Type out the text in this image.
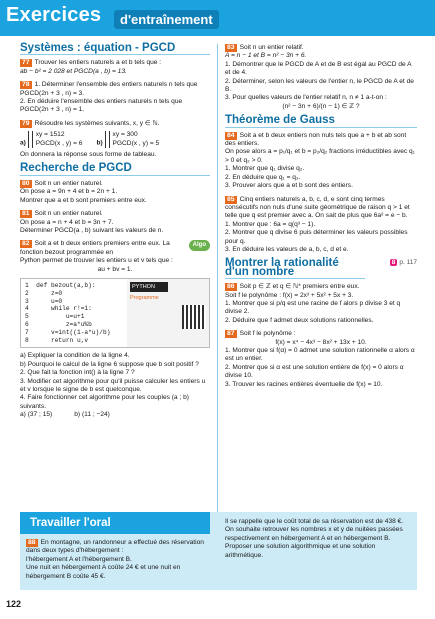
Exercices	d'entraînement
Systèmes : équation - PGCD

77 Trouver les entiers naturels a et b tels que :

ab − b² = 2 028 et PGCD(a , b) = 13.

78 1. Déterminer l'ensemble des entiers naturels n tels que PGCD(2n + 3 , n) = 3.

2. En déduire l'ensemble des entiers naturels n tels que PGCD(2n + 3 , n) = 1.

79 Résoudre les systèmes suivants, x, y ∈ ℕ.

a) xy = 1512
PGCD(x , y) = 6 b) xy = 300
PGCD(x , y) = 5

On donnera la réponse sous forme de tableau.

Recherche de PGCD

80 Soit n un entier naturel.

On pose a = 9n + 4 et b = 2n + 1.

Montrer que a et b sont premiers entre eux.

81 Soit n un entier naturel.

On pose a = n + 4 et b = 3n + 7.

Déterminer PGCD(a , b) suivant les valeurs de n.

82	Algo
Soit a et b deux entiers premiers entre eux. La fonction bezout programmée en

Python permet de trouver les entiers u et v tels que :

au + bv = 1.

1  def bezout(a,b):
2      z=0
3      u=0
4      while r!=1:
5          u=u+1
6          z=a*u%b
7      v=int((1-a*u)/b)
8      return u,v
PYTHON
Programme

a) Expliquer la condition de la ligne 4.

b) Pourquoi le calcul de la ligne 6 suppose que b soit positif ?

2. Que fait la fonction int() à la ligne 7 ?

3. Modifier cet algorithme pour qu'il puisse calculer les entiers u et v lorsque le signe de b est quelconque.

4. Faire fonctionner cet algorithme pour les couples (a ; b) suivants.

a) (37 ; 15)	b) (11 ; −24)

83 Soit n un entier relatif.

A = n − 1 et B = n² − 3n + 6.

1. Démontrer que le PGCD de A et de B est égal au PGCD de A et de 4.

2. Déterminer, selon les valeurs de l'entier n, le PGCD de A et de B.

3. Pour quelles valeurs de l'entier relatif n, n ≠ 1 a-t-on :

(n² − 3n + 6)/(n − 1) ∈ ℤ ?

Théorème de Gauss

84 Soit a et b deux entiers non nuls tels que a + b et ab sont des entiers.

On pose alors a = p₁/q₁ et b = p₂/q₂ fractions irréductibles avec q₁ > 0 et q₂ > 0.

1. Montrer que q₁ divise q₂.

2. En déduire que q₁ = q₂.

3. Prouver alors que a et b sont des entiers.

85 Cinq entiers naturels a, b, c, d, e sont cinq termes consécutifs non nuls d'une suite géométrique de raison q > 1 et telle que q est premier avec a. On sait de plus que 6a² = e − b.

1. Montrer que : 6a = q(q³ − 1).

2. Montrer que q divise 6 puis déterminer les valeurs possibles pour q.

3. En déduire les valeurs de a, b, c, d et e.

Montrer la rationalité d'un nombre
8 p. 117

86 Soit p ∈ ℤ et q ∈ ℕ* premiers entre eux.

Soit f le polynôme : f(x) = 2x³ + 5x² + 5x + 3.

1. Montrer que si p/q est une racine de f alors p divise 3 et q divise 2.

2. Déduire que f admet deux solutions rationnelles.

87 Soit f le polynôme :

f(x) = x⁴ − 4x³ − 8x² + 13x + 10.

1. Montrer que si f(α) = 0 admet une solution rationnelle α alors α est un entier.

2. Montrer que si α est une solution entière de f(x) = 0 alors α divise 10.

3. Trouver les racines entières éventuelle de f(x) = 10.

Travailler l'oral

88 En montagne, un randonneur a effectué des réservation dans deux types d'hébergement :

l'hébergement A et l'hébergement B.

Une nuit en hébergement A coûte 24 € et une nuit en hébergement B coûte 45 €.

Il se rappelle que le coût total de sa réservation est de 438 €. On souhaite retrouver les nombres x et y de nuitées passées respectivement en hébergement A et en hébergement B. Proposer une solution algorithmique et une solution arithmétique.

122
